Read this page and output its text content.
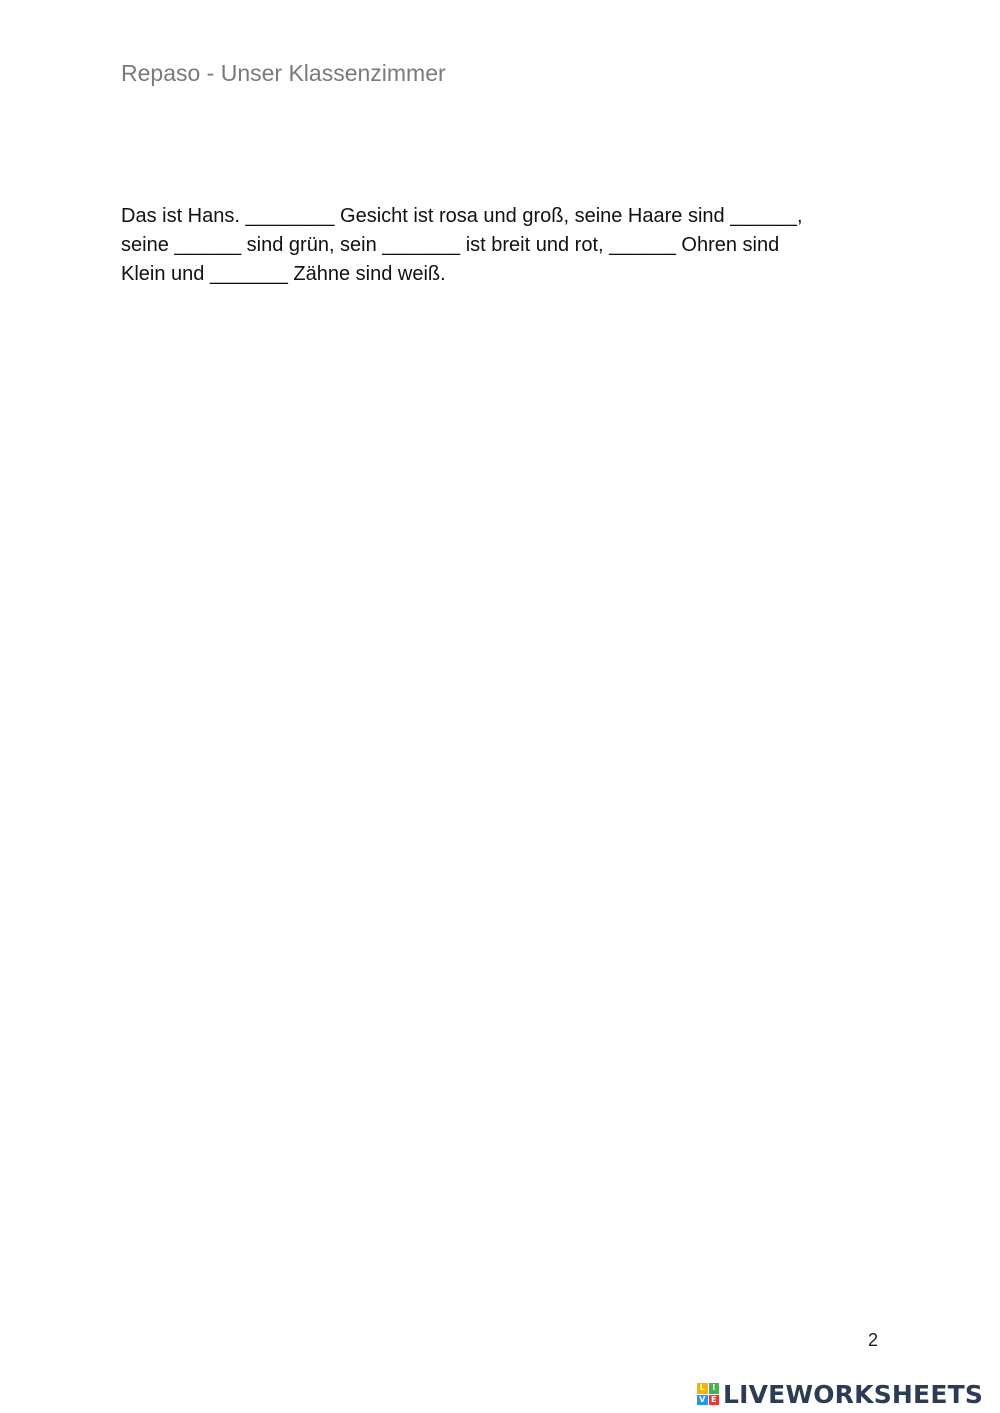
Repaso - Unser Klassenzimmer
Das ist Hans. ________ Gesicht ist rosa und groß, seine Haare sind ______,
seine ______ sind grün, sein _______ ist breit und rot, ______ Ohren sind
Klein und _______ Zähne sind weiß.
2
L I
V E LIVEWORKSHEETS
